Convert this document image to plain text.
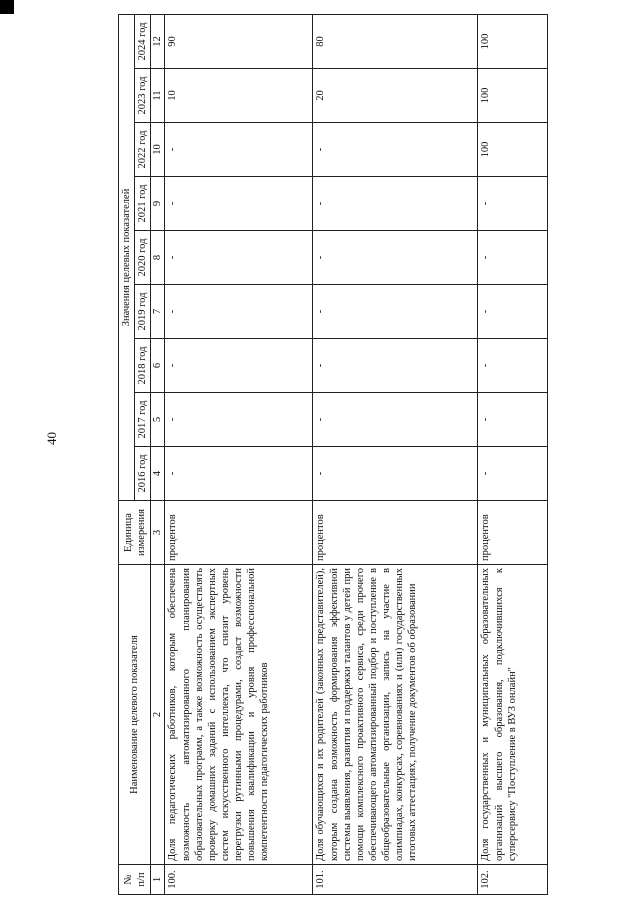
40
№
п/п	Наименование целевого показателя	Единица измерения	Значения целевых показателей								
			2016 год	2017 год	2018 год	2019 год	2020 год	2021 год	2022 год	2023 год	2024 год
1	2	3	4	5	6	7	8	9	10	11	12
100.	Доля педагогических работников, которым обеспечена возможность автоматизированного планирования образовательных программ, а также возможность осуществлять проверку домашних заданий с использованием экспертных систем искусственного интеллекта, что снизит уровень перегрузки рутинными процедурами, создаст возможности повышения квалификации и уровня профессиональной компетентности педагогических работников	процентов	-	-	-	-	-	-	-	10	90
101.	Доля обучающихся и их родителей (законных представителей), которым создана возможность формирования эффективной системы выявления, развития и поддержки талантов у детей при помощи комплексного проактивного сервиса, среди прочего обеспечивающего автоматизированный подбор и поступление в общеобразовательные организации, запись на участие в олимпиадах, конкурсах, соревнованиях и (или) государственных итоговых аттестациях, получение документов об образовании	процентов	-	-	-	-	-	-	-	20	80
102.	Доля государственных и муниципальных образовательных организаций высшего образования, подключившихся к суперсервису "Поступление в ВУЗ онлайн"	процентов	-	-	-	-	-	-	100	100	100
